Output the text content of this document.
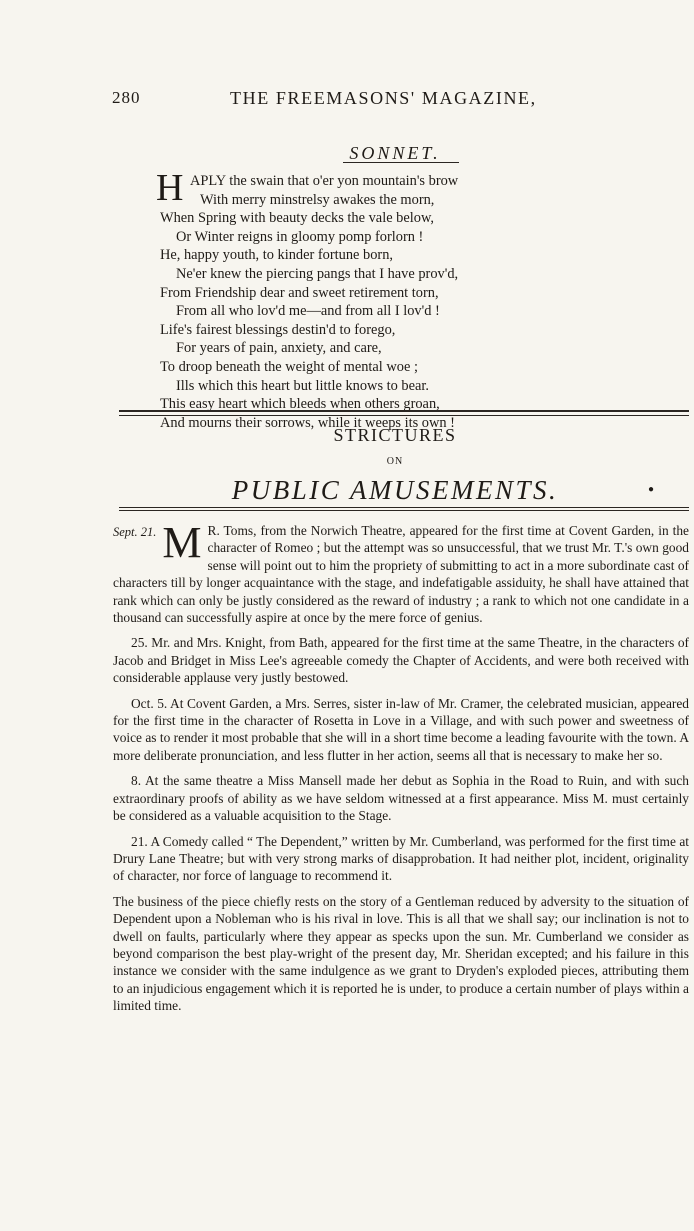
280	THE FREEMASONS' MAGAZINE,
SONNET.
H APLY the swain that o'er yon mountain's brow
With merry minstrelsy awakes the morn,
When Spring with beauty decks the vale below,
Or Winter reigns in gloomy pomp forlorn !
He, happy youth, to kinder fortune born,
Ne'er knew the piercing pangs that I have prov'd,
From Friendship dear and sweet retirement torn,
From all who lov'd me—and from all I lov'd !
Life's fairest blessings destin'd to forego,
For years of pain, anxiety, and care,
To droop beneath the weight of mental woe ;
Ills which this heart but little knows to bear.
This easy heart which bleeds when others groan,
And mourns their sorrows, while it weeps its own !
STRICTURES
ON
PUBLIC AMUSEMENTS.	●

Sept. 21. M R. Toms, from the Norwich Theatre, appeared for the first time at Covent Garden, in the character of Romeo ; but the attempt was so unsuccessful, that we trust Mr. T.'s own good sense will point out to him the propriety of submitting to act in a more subordinate cast of characters till by longer acquaintance with the stage, and indefatigable assiduity, he shall have attained that rank which can only be justly considered as the reward of industry ; a rank to which not one candidate in a thousand can successfully aspire at once by the mere force of genius.

25. Mr. and Mrs. Knight, from Bath, appeared for the first time at the same Theatre, in the characters of Jacob and Bridget in Miss Lee's agreeable comedy the Chapter of Accidents, and were both received with considerable applause very justly bestowed.

Oct. 5. At Covent Garden, a Mrs. Serres, sister in-law of Mr. Cramer, the celebrated musician, appeared for the first time in the character of Rosetta in Love in a Village, and with such power and sweetness of voice as to render it most probable that she will in a short time become a leading favourite with the town. A more deliberate pronunciation, and less flutter in her action, seems all that is necessary to make her so.

8. At the same theatre a Miss Mansell made her debut as Sophia in the Road to Ruin, and with such extraordinary proofs of ability as we have seldom witnessed at a first appearance. Miss M. must certainly be considered as a valuable acquisition to the Stage.

21. A Comedy called “ The Dependent,” written by Mr. Cumberland, was performed for the first time at Drury Lane Theatre; but with very strong marks of disapprobation. It had neither plot, incident, originality of character, nor force of language to recommend it.

The business of the piece chiefly rests on the story of a Gentleman reduced by adversity to the situation of Dependent upon a Nobleman who is his rival in love. This is all that we shall say; our inclination is not to dwell on faults, particularly where they appear as specks upon the sun. Mr. Cumberland we consider as beyond comparison the best play-wright of the present day, Mr. Sheridan excepted; and his failure in this instance we consider with the same indulgence as we grant to Dryden's exploded pieces, attributing them to an injudicious engagement which it is reported he is under, to produce a certain number of plays within a limited time.
